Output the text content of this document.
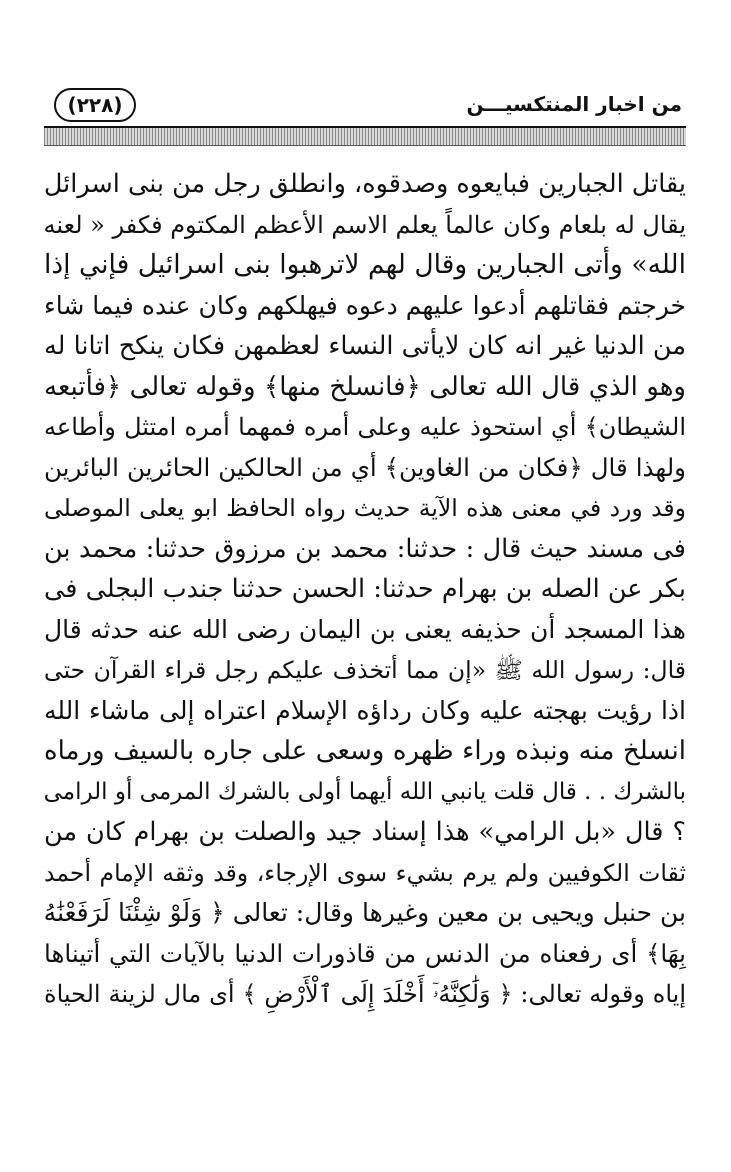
من اخبار المنتكسيـــن
(٢٢٨)
يقاتل الجبارين فبايعوه وصدقوه، وانطلق رجل من بنى اسرائل
يقال له بلعام وكان عالماً يعلم الاسم الأعظم المكتوم فكفر « لعنه
الله» وأتى الجبارين وقال لهم لاترهبوا بنى اسرائيل فإني إذا
خرجتم فقاتلهم أدعوا عليهم دعوه فيهلكهم وكان عنده فيما شاء
من الدنيا غير انه كان لايأتى النساء لعظمهن فكان ينكح اتانا له
وهو الذي قال الله تعالى ﴿فانسلخ منها﴾ وقوله تعالى ﴿فأتبعه
الشيطان﴾ أي استحوذ عليه وعلى أمره فمهما أمره امتثل وأطاعه
ولهذا قال ﴿فكان من الغاوين﴾ أي من الحالكين الحائرين البائرين
وقد ورد في معنى هذه الآية حديث رواه الحافظ ابو يعلى الموصلى
فى مسند حيث قال : حدثنا: محمد بن مرزوق حدثنا: محمد بن
بكر عن الصله بن بهرام حدثنا: الحسن حدثنا جندب البجلى فى
هذا المسجد أن حذيفه يعنى بن اليمان رضى الله عنه حدثه قال
قال: رسول الله ﷺ «إن مما أتخذف عليكم رجل قراء القرآن حتى
اذا رؤيت بهجته عليه وكان رداؤه الإسلام اعتراه إلى ماشاء الله
انسلخ منه ونبذه وراء ظهره وسعى على جاره بالسيف ورماه
بالشرك . . قال قلت يانبي الله أيهما أولى بالشرك المرمى أو الرامى
؟ قال «بل الرامي» هذا إسناد جيد والصلت بن بهرام كان من
ثقات الكوفيين ولم يرم بشيء سوى الإرجاء، وقد وثقه الإمام أحمد
بن حنبل ويحيى بن معين وغيرها وقال: تعالى ﴿ وَلَوْ شِئْنَا لَرَفَعْنَٰهُ
بِهَا﴾ أى رفعناه من الدنس من قاذورات الدنيا بالآيات التي أتيناها
إياه وقوله تعالى: ﴿ وَلَٰكِنَّهُۥٓ أَخْلَدَ إِلَى ٱلْأَرْضِ ﴾ أى مال لزينة الحياة
